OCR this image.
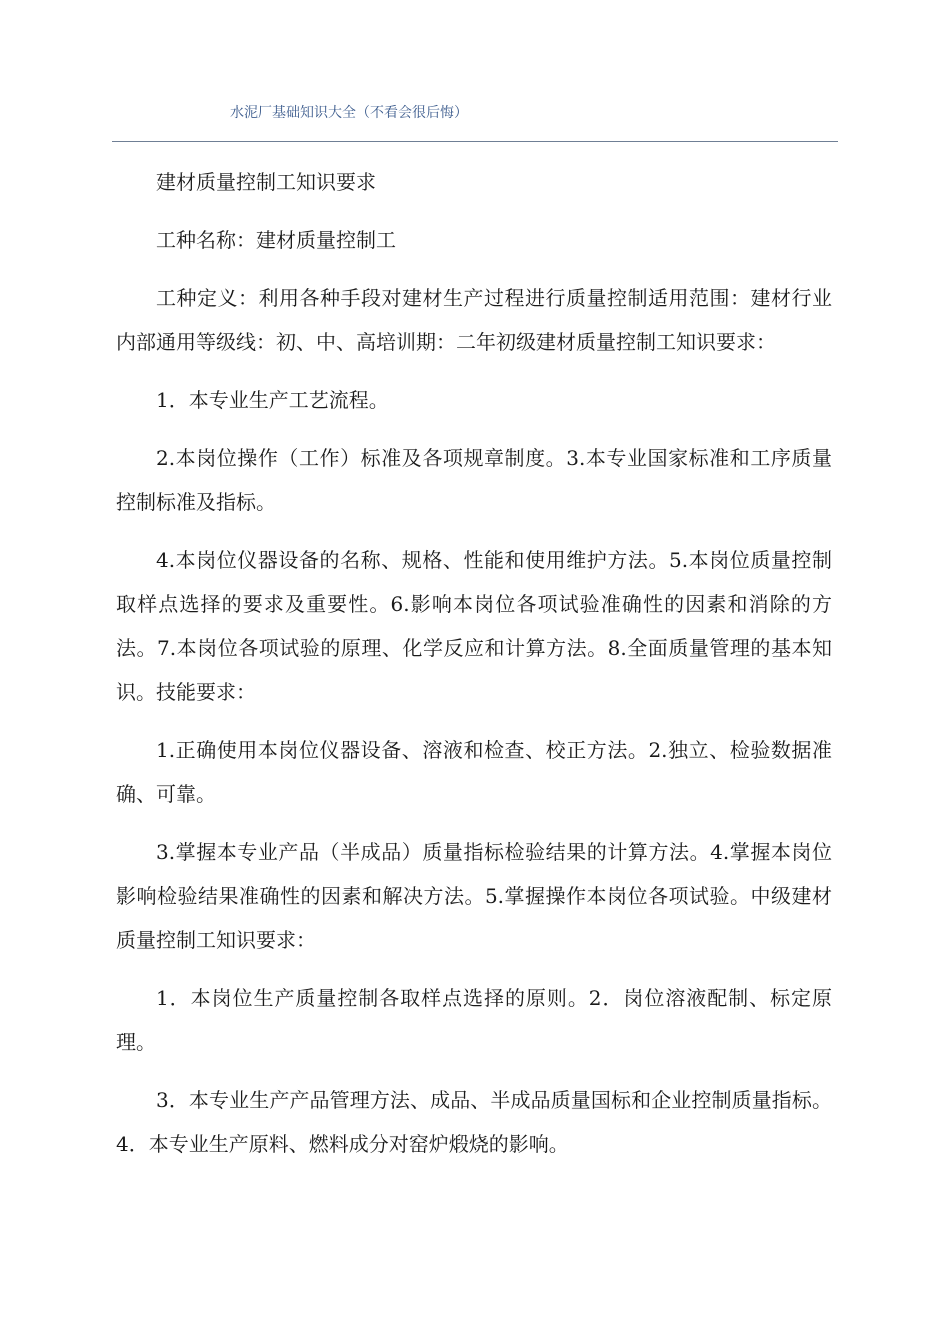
水泥厂基础知识大全（不看会很后悔）

建材质量控制工知识要求

工种名称：建材质量控制工

工种定义：利用各种手段对建材生产过程进行质量控制适用范围：建材行业内部通用等级线：初、中、高培训期：二年初级建材质量控制工知识要求：

1．本专业生产工艺流程。

2.本岗位操作（工作）标准及各项规章制度。3.本专业国家标准和工序质量控制标准及指标。

4.本岗位仪器设备的名称、规格、性能和使用维护方法。5.本岗位质量控制取样点选择的要求及重要性。6.影响本岗位各项试验准确性的因素和消除的方法。7.本岗位各项试验的原理、化学反应和计算方法。8.全面质量管理的基本知识。技能要求：

1.正确使用本岗位仪器设备、溶液和检查、校正方法。2.独立、检验数据准确、可靠。

3.掌握本专业产品（半成品）质量指标检验结果的计算方法。4.掌握本岗位影响检验结果准确性的因素和解决方法。5.掌握操作本岗位各项试验。中级建材质量控制工知识要求：

1．本岗位生产质量控制各取样点选择的原则。2．岗位溶液配制、标定原理。

3．本专业生产产品管理方法、成品、半成品质量国标和企业控制质量指标。4．本专业生产原料、燃料成分对窑炉煅烧的影响。
